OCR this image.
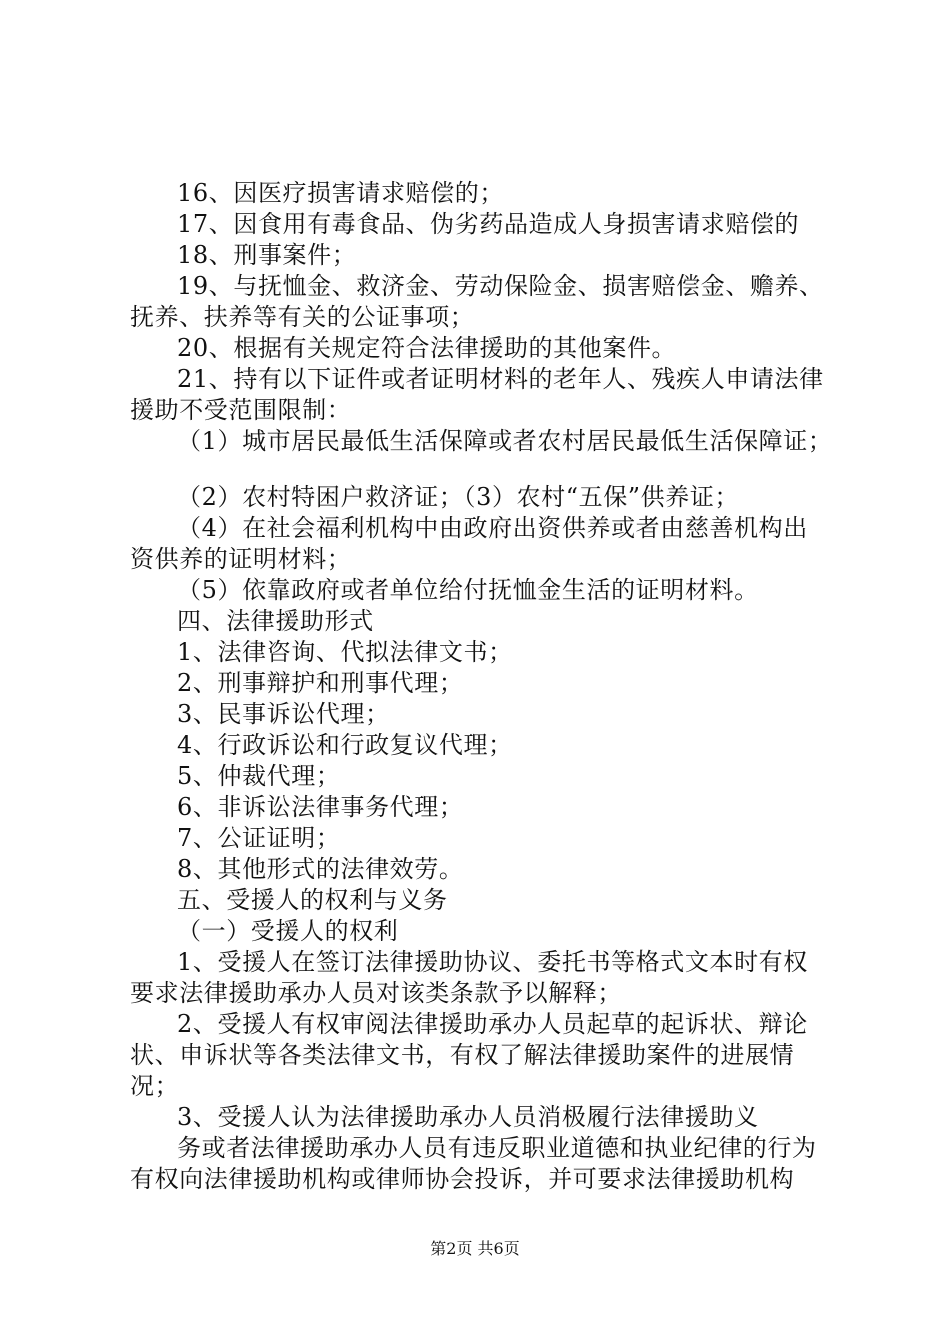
16、因医疗损害请求赔偿的；
17、因食用有毒食品、伪劣药品造成人身损害请求赔偿的
18、刑事案件；
19、与抚恤金、救济金、劳动保险金、损害赔偿金、赡养、
抚养、扶养等有关的公证事项；
20、根据有关规定符合法律援助的其他案件。
21、持有以下证件或者证明材料的老年人、残疾人申请法律
援助不受范围限制：
（1）城市居民最低生活保障或者农村居民最低生活保障证；
（2）农村特困户救济证；（3）农村“五保”供养证；
（4）在社会福利机构中由政府出资供养或者由慈善机构出
资供养的证明材料；
（5）依靠政府或者单位给付抚恤金生活的证明材料。
四、法律援助形式
1、法律咨询、代拟法律文书；
2、刑事辩护和刑事代理；
3、民事诉讼代理；
4、行政诉讼和行政复议代理；
5、仲裁代理；
6、非诉讼法律事务代理；
7、公证证明；
8、其他形式的法律效劳。
五、受援人的权利与义务
（一）受援人的权利
1、受援人在签订法律援助协议、委托书等格式文本时有权
要求法律援助承办人员对该类条款予以解释；
2、受援人有权审阅法律援助承办人员起草的起诉状、辩论
状、申诉状等各类法律文书，有权了解法律援助案件的进展情
况；
3、受援人认为法律援助承办人员消极履行法律援助义
务或者法律援助承办人员有违反职业道德和执业纪律的行为
有权向法律援助机构或律师协会投诉，并可要求法律援助机构
第2页 共6页
